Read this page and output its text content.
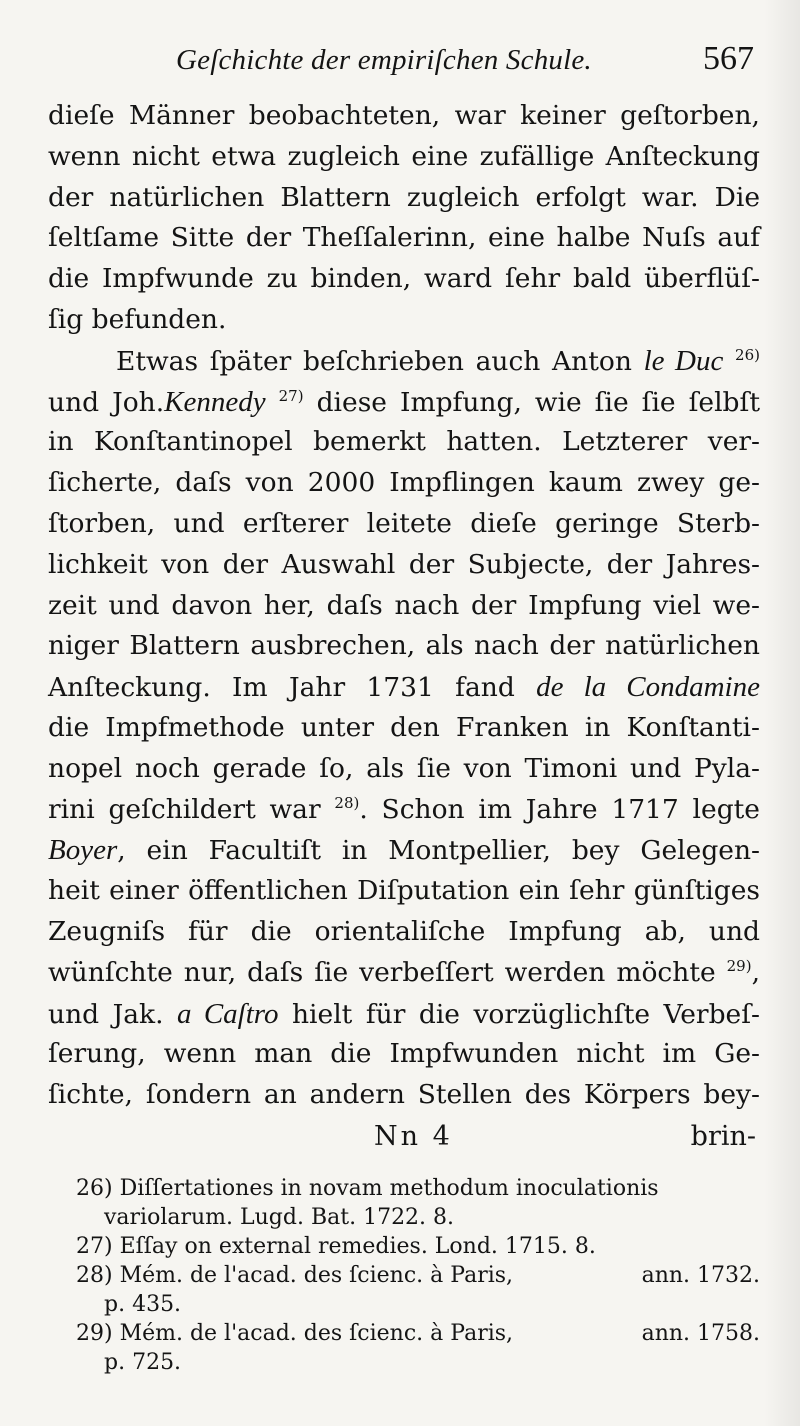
Geſchichte der empiriſchen Schule.	567
dieſe Männer beobachteten, war keiner geſtorben,
wenn nicht etwa zugleich eine zufällige Anſteckung
der natürlichen Blattern zugleich erfolgt war. Die
ſeltſame Sitte der Theſſalerinn, eine halbe Nuſs auf
die Impfwunde zu binden, ward ſehr bald überflüſ-
ſig befunden.
Etwas ſpäter beſchrieben auch Anton le Duc $^{26)}$
und Joh.Kennedy $^{27)}$ diese Impfung, wie ſie ſie ſelbſt
in Konſtantinopel bemerkt hatten. Letzterer ver-
ſicherte, daſs von 2000 Impflingen kaum zwey ge-
ſtorben, und erſterer leitete dieſe geringe Sterb-
lichkeit von der Auswahl der Subjecte, der Jahres-
zeit und davon her, daſs nach der Impfung viel we-
niger Blattern ausbrechen, als nach der natürlichen
Anſteckung. Im Jahr 1731 fand de la Condamine
die Impfmethode unter den Franken in Konſtanti-
nopel noch gerade ſo, als ſie von Timoni und Pyla-
rini geſchildert war $^{28)}$. Schon im Jahre 1717 legte
Boyer, ein Facultiſt in Montpellier, bey Gelegen-
heit einer öffentlichen Diſputation ein ſehr günſtiges
Zeugniſs für die orientaliſche Impfung ab, und
wünſchte nur, daſs ſie verbeſſert werden möchte $^{29)}$,
und Jak. a Caſtro hielt für die vorzüglichſte Verbeſ-
ſerung, wenn man die Impfwunden nicht im Ge-
ſichte, ſondern an andern Stellen des Körpers bey-
Nn 4	brin-
26) Diſſertationes in novam methodum inoculationis
variolarum. Lugd. Bat. 1722. 8.
27) Eſſay on external remedies. Lond. 1715. 8.
28) Mém. de l'acad. des ſcienc. à Paris,	ann. 1732.
p. 435.
29) Mém. de l'acad. des ſcienc. à Paris,	ann. 1758.
p. 725.
